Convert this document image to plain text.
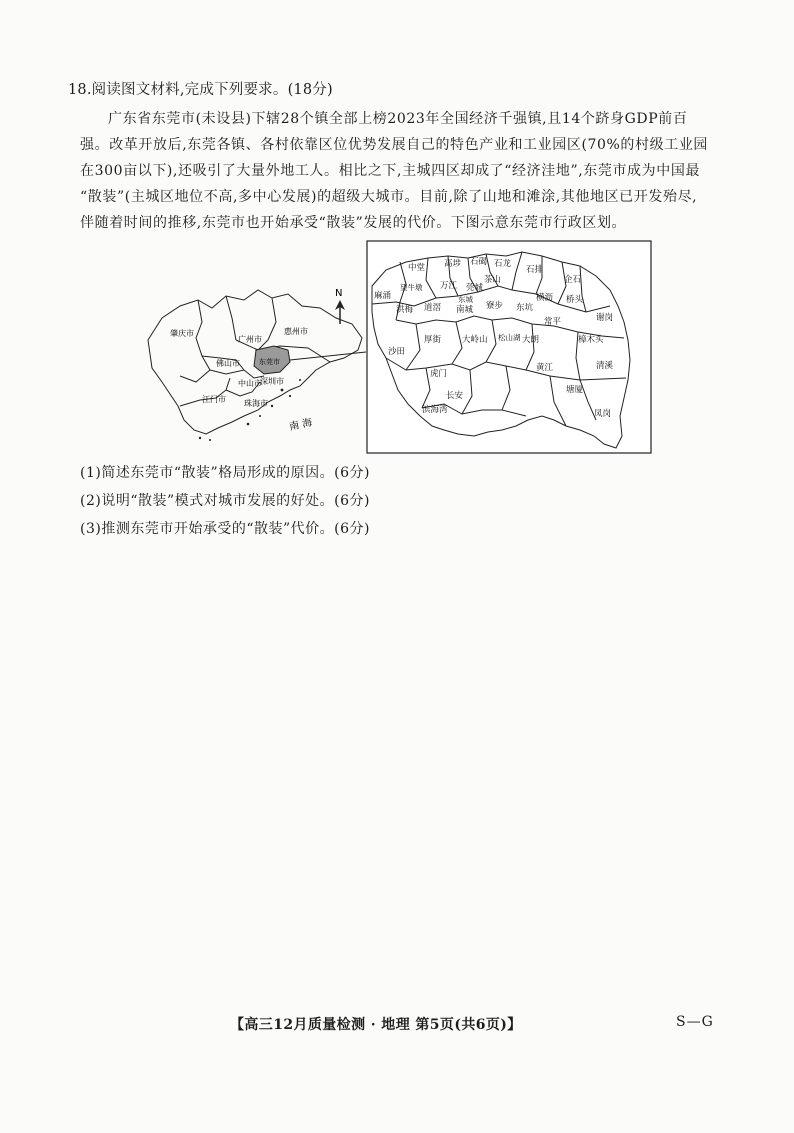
18.阅读图文材料,完成下列要求。(18分)

广东省东莞市(未设县)下辖28个镇全部上榜2023年全国经济千强镇,且14个跻身GDP前百

强。改革开放后,东莞各镇、各村依靠区位优势发展自己的特色产业和工业园区(70%的村级工业园

在300亩以下),还吸引了大量外地工人。相比之下,主城四区却成了“经济洼地”,东莞市成为中国最

“散装”(主城区地位不高,多中心发展)的超级大城市。目前,除了山地和滩涂,其他地区已开发殆尽,

伴随着时间的推移,东莞市也开始承受“散装”发展的代价。下图示意东莞市行政区划。

肇庆市
广州市
惠州市
佛山市	东莞市
中山市
深圳市
江门市 珠海市
南 海
N
中堂 高埗 石碣 石龙
石排
茶山	企石
麻涌
望牛墩 万江 莞城
桥头
洪梅 道滘 南城
东城
寮步 东坑
横沥
常平	谢岗
沙田
厚街 大岭山 松山湖 大朗
黄江
樟木头
虎门
清溪
长安
塘厦
滨海湾	凤岗
(1)简述东莞市“散装”格局形成的原因。(6分)
(2)说明“散装”模式对城市发展的好处。(6分)
(3)推测东莞市开始承受的“散装”代价。(6分)
【高三12月质量检测 · 地理 第5页(共6页)】	S—G
